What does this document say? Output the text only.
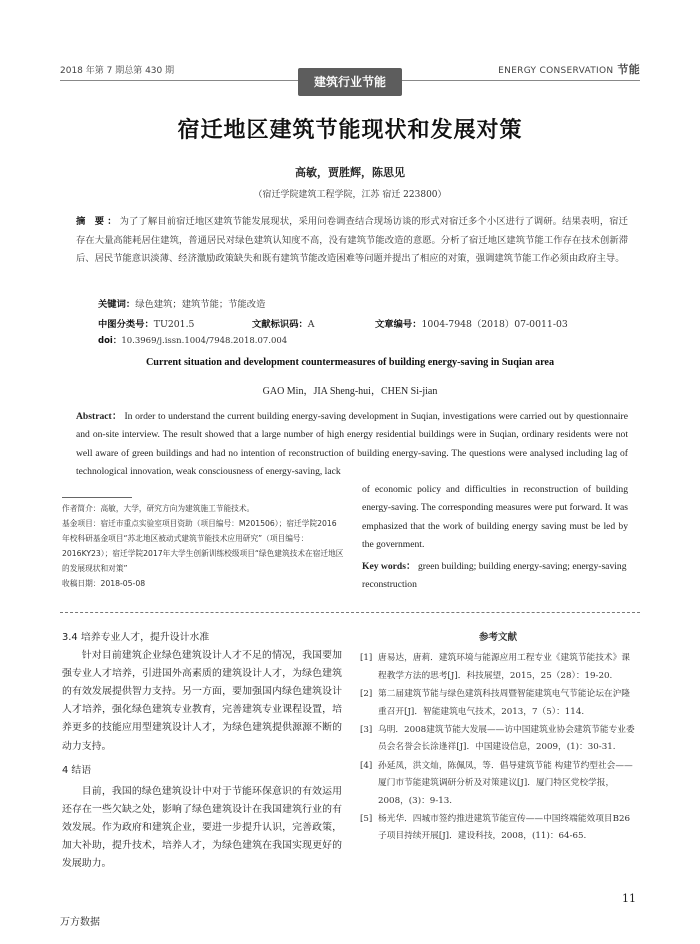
2018 年第 7 期总第 430 期	ENERGY CONSERVATION 节能
建筑行业节能
宿迁地区建筑节能现状和发展对策
高敏，贾胜辉，陈思见
（宿迁学院建筑工程学院，江苏 宿迁 223800）
摘 要：为了了解目前宿迁地区建筑节能发展现状，采用问卷调查结合现场访谈的形式对宿迁多个小区进行了调研。结果表明，宿迁存在大量高能耗居住建筑，普通居民对绿色建筑认知度不高，没有建筑节能改造的意愿。分析了宿迁地区建筑节能工作存在技术创新滞后、居民节能意识淡薄、经济激励政策缺失和既有建筑节能改造困难等问题并提出了相应的对策，强调建筑节能工作必须由政府主导。
关键词：绿色建筑；建筑节能；节能改造
中图分类号：TU201.5	文献标识码：A	文章编号：1004-7948（2018）07-0011-03
doi：10.3969/j.issn.1004/7948.2018.07.004
Current situation and development countermeasures of building energy-saving in Suqian area
GAO Min，JIA Sheng-hui，CHEN Si-jian
Abstract： In order to understand the current building energy-saving development in Suqian, investigations were carried out by questionnaire and on-site interview. The result showed that a large number of high energy residential buildings were in Suqian, ordinary residents were not well aware of green buildings and had no intention of reconstruction of building energy-saving. The questions were analysed including lag of technological innovation, weak consciousness of energy-saving, lack
of economic policy and difficulties in reconstruction of building energy-saving. The corresponding measures were put forward. It was emphasized that the work of building energy saving must be led by the government.
Key words： green building; building energy-saving; energy-saving reconstruction
作者简介：高敏，大学，研究方向为建筑施工节能技术。
基金项目：宿迁市重点实验室项目资助（项目编号：M201506）；宿迁学院2016年校科研基金项目“苏北地区被动式建筑节能技术应用研究”（项目编号：2016KY23）；宿迁学院2017年大学生创新训练校级项目“绿色建筑技术在宿迁地区的发展现状和对策”
收稿日期：2018-05-08
3.4 培养专业人才，提升设计水准

针对目前建筑企业绿色建筑设计人才不足的情况，我国要加强专业人才培养，引进国外高素质的建筑设计人才，为绿色建筑的有效发展提供智力支持。另一方面，要加强国内绿色建筑设计人才培养，强化绿色建筑专业教育，完善建筑专业课程设置，培养更多的技能应用型建筑设计人才，为绿色建筑提供源源不断的动力支持。

4 结语

目前，我国的绿色建筑设计中对于节能环保意识的有效运用还存在一些欠缺之处，影响了绿色建筑设计在我国建筑行业的有效发展。作为政府和建筑企业，要进一步提升认识，完善政策，加大补助，提升技术，培养人才，为绿色建筑在我国实现更好的发展助力。

参考文献
[1] 唐易达，唐莉．建筑环境与能源应用工程专业《建筑节能技术》课程教学方法的思考[J]．科技展望，2015，25（28）：19-20.
[2] 第二届建筑节能与绿色建筑科技周暨智能建筑电气节能论坛在沪隆重召开[J]．智能建筑电气技术，2013，7（5）：114.
[3] 乌明．2008建筑节能大发展——访中国建筑业协会建筑节能专业委员会名誉会长涂逢祥[J]．中国建设信息，2009，(1)：30-31.
[4] 孙延凤，洪文灿，陈佩凤，等．倡导建筑节能 构建节约型社会——厦门市节能建筑调研分析及对策建议[J]．厦门特区党校学报，2008，(3)：9-13.
[5] 杨光华．四城市签约推进建筑节能宣传——中国终端能效项目B26子项目持续开展[J]．建设科技，2008，(11)：64-65.
11
万方数据
